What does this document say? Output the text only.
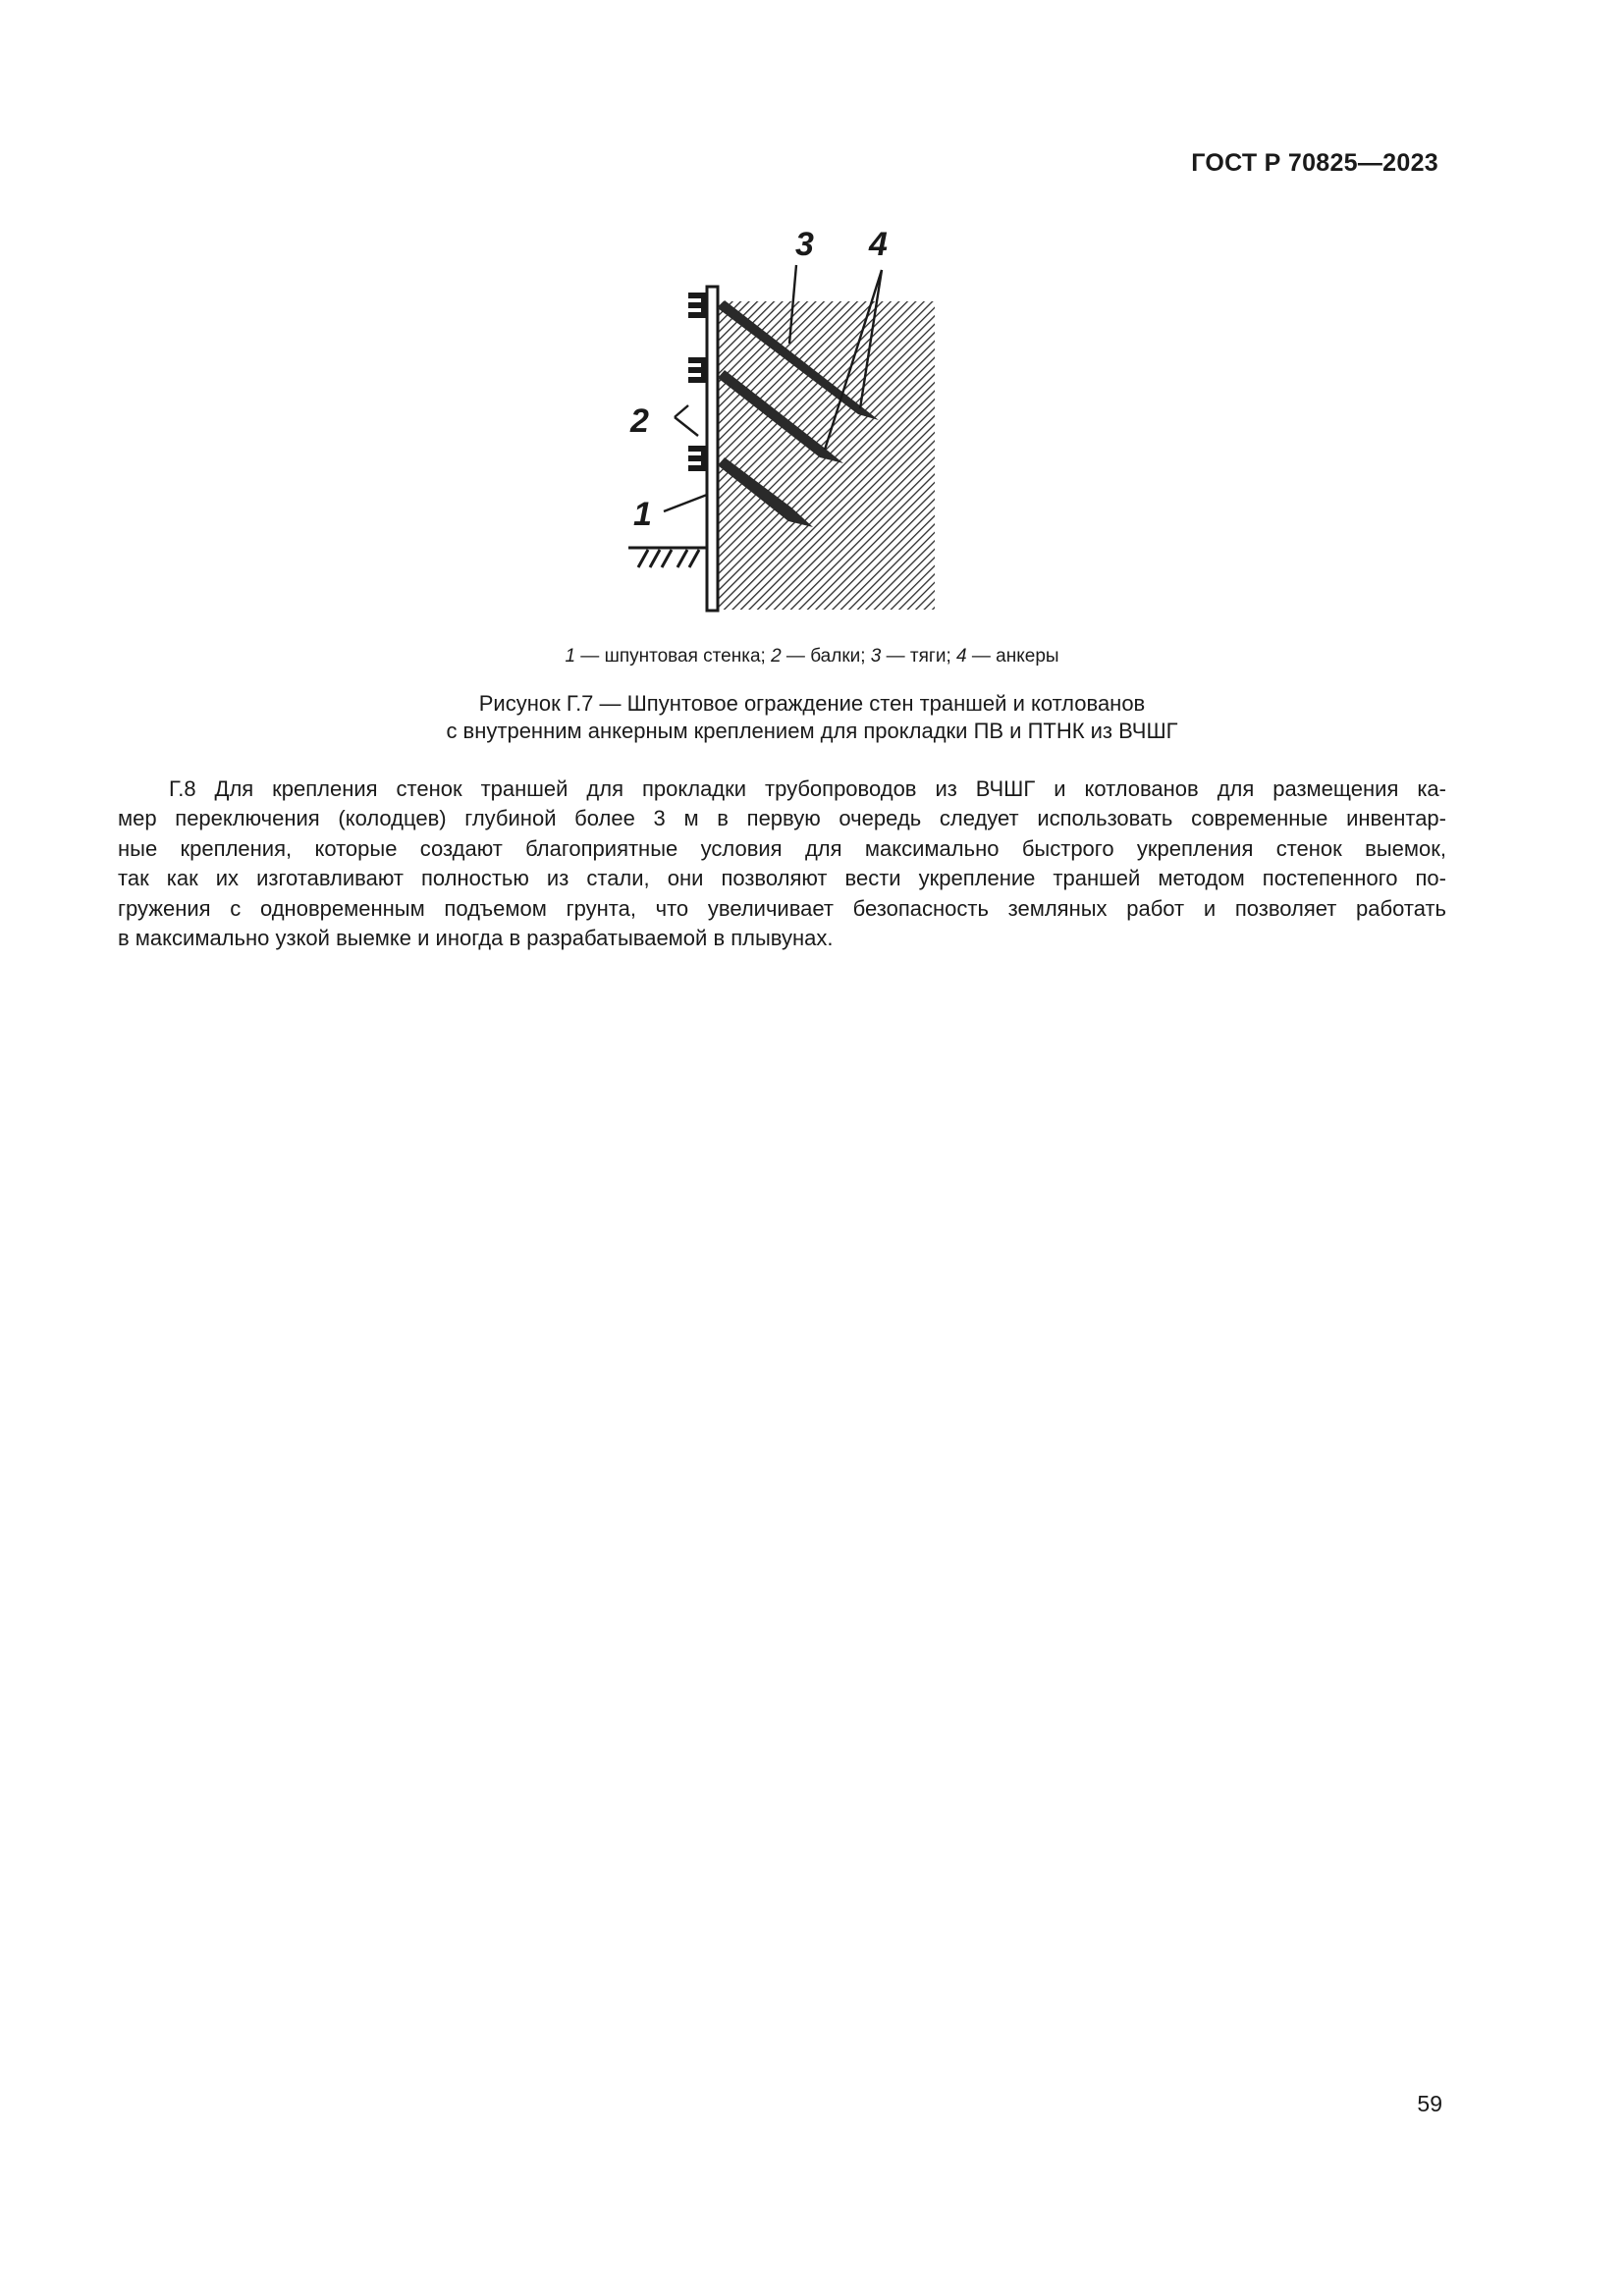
ГОСТ Р 70825—2023
3 4
2
1
1 — шпунтовая стенка; 2 — балки; 3 — тяги; 4 — анкеры
Рисунок Г.7 — Шпунтовое ограждение стен траншей и котлованов
с внутренним анкерным креплением для прокладки ПВ и ПТНК из ВЧШГ
Г.8 Для крепления стенок траншей для прокладки трубопроводов из ВЧШГ и котлованов для размещения ка-
мер переключения (колодцев) глубиной более 3 м в первую очередь следует использовать современные инвентар-
ные крепления, которые создают благоприятные условия для максимально быстрого укрепления стенок выемок,
так как их изготавливают полностью из стали, они позволяют вести укрепление траншей методом постепенного по-
гружения с одновременным подъемом грунта, что увеличивает безопасность земляных работ и позволяет работать
в максимально узкой выемке и иногда в разрабатываемой в плывунах.
59
